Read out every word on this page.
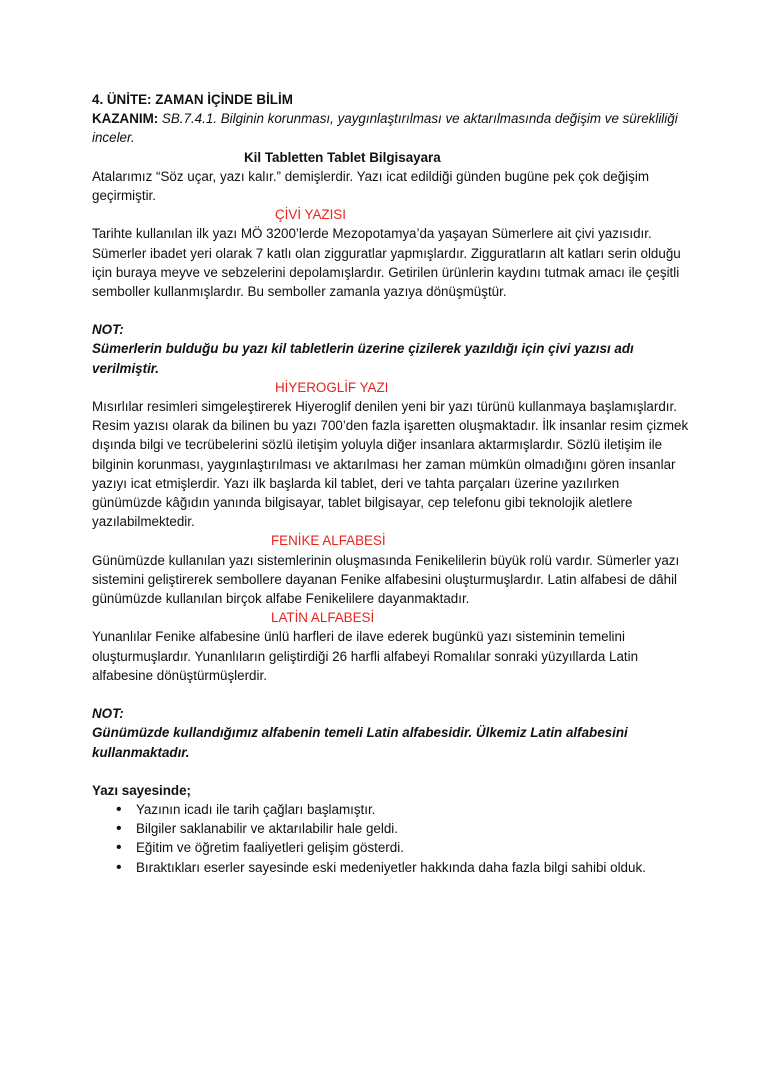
4. ÜNİTE: ZAMAN İÇİNDE BİLİM
KAZANIM: SB.7.4.1. Bilginin korunması, yaygınlaştırılması ve aktarılmasında değişim ve sürekliliği inceler.
Kil Tabletten Tablet Bilgisayara

Atalarımız “Söz uçar, yazı kalır.” demişlerdir. Yazı icat edildiği günden bugüne pek çok değişim geçirmiştir.

ÇİVİ YAZISI

Tarihte kullanılan ilk yazı MÖ 3200’lerde Mezopotamya’da yaşayan Sümerlere ait çivi yazısıdır. Sümerler ibadet yeri olarak 7 katlı olan zigguratlar yapmışlardır. Zigguratların alt katları serin olduğu için buraya meyve ve sebzelerini depolamışlardır. Getirilen ürünlerin kaydını tutmak amacı ile çeşitli semboller kullanmışlardır. Bu semboller zamanla yazıya dönüşmüştür.

NOT:

Sümerlerin bulduğu bu yazı kil tabletlerin üzerine çizilerek yazıldığı için çivi yazısı adı verilmiştir.

HİYEROGLİF YAZI

Mısırlılar resimleri simgeleştirerek Hiyeroglif denilen yeni bir yazı türünü kullanmaya başlamışlardır. Resim yazısı olarak da bilinen bu yazı 700’den fazla işaretten oluşmaktadır. İlk insanlar resim çizmek dışında bilgi ve tecrübelerini sözlü iletişim yoluyla diğer insanlara aktarmışlardır. Sözlü iletişim ile bilginin korunması, yaygınlaştırılması ve aktarılması her zaman mümkün olmadığını gören insanlar yazıyı icat etmişlerdir. Yazı ilk başlarda kil tablet, deri ve tahta parçaları üzerine yazılırken günümüzde kâğıdın yanında bilgisayar, tablet bilgisayar, cep telefonu gibi teknolojik aletlere yazılabilmektedir.

FENİKE ALFABESİ

Günümüzde kullanılan yazı sistemlerinin oluşmasında Fenikelilerin büyük rolü vardır. Sümerler yazı sistemini geliştirerek sembollere dayanan Fenike alfabesini oluşturmuşlardır. Latin alfabesi de dâhil günümüzde kullanılan birçok alfabe Fenikelilere dayanmaktadır.

LATİN ALFABESİ

Yunanlılar Fenike alfabesine ünlü harfleri de ilave ederek bugünkü yazı sisteminin temelini oluşturmuşlardır. Yunanlıların geliştirdiği 26 harfli alfabeyi Romalılar sonraki yüzyıllarda Latin alfabesine dönüştürmüşlerdir.

NOT:

Günümüzde kullandığımız alfabenin temeli Latin alfabesidir. Ülkemiz Latin alfabesini kullanmaktadır.

Yazı sayesinde;
• Yazının icadı ile tarih çağları başlamıştır.
• Bilgiler saklanabilir ve aktarılabilir hale geldi.
• Eğitim ve öğretim faaliyetleri gelişim gösterdi.
• Bıraktıkları eserler sayesinde eski medeniyetler hakkında daha fazla bilgi sahibi olduk.
